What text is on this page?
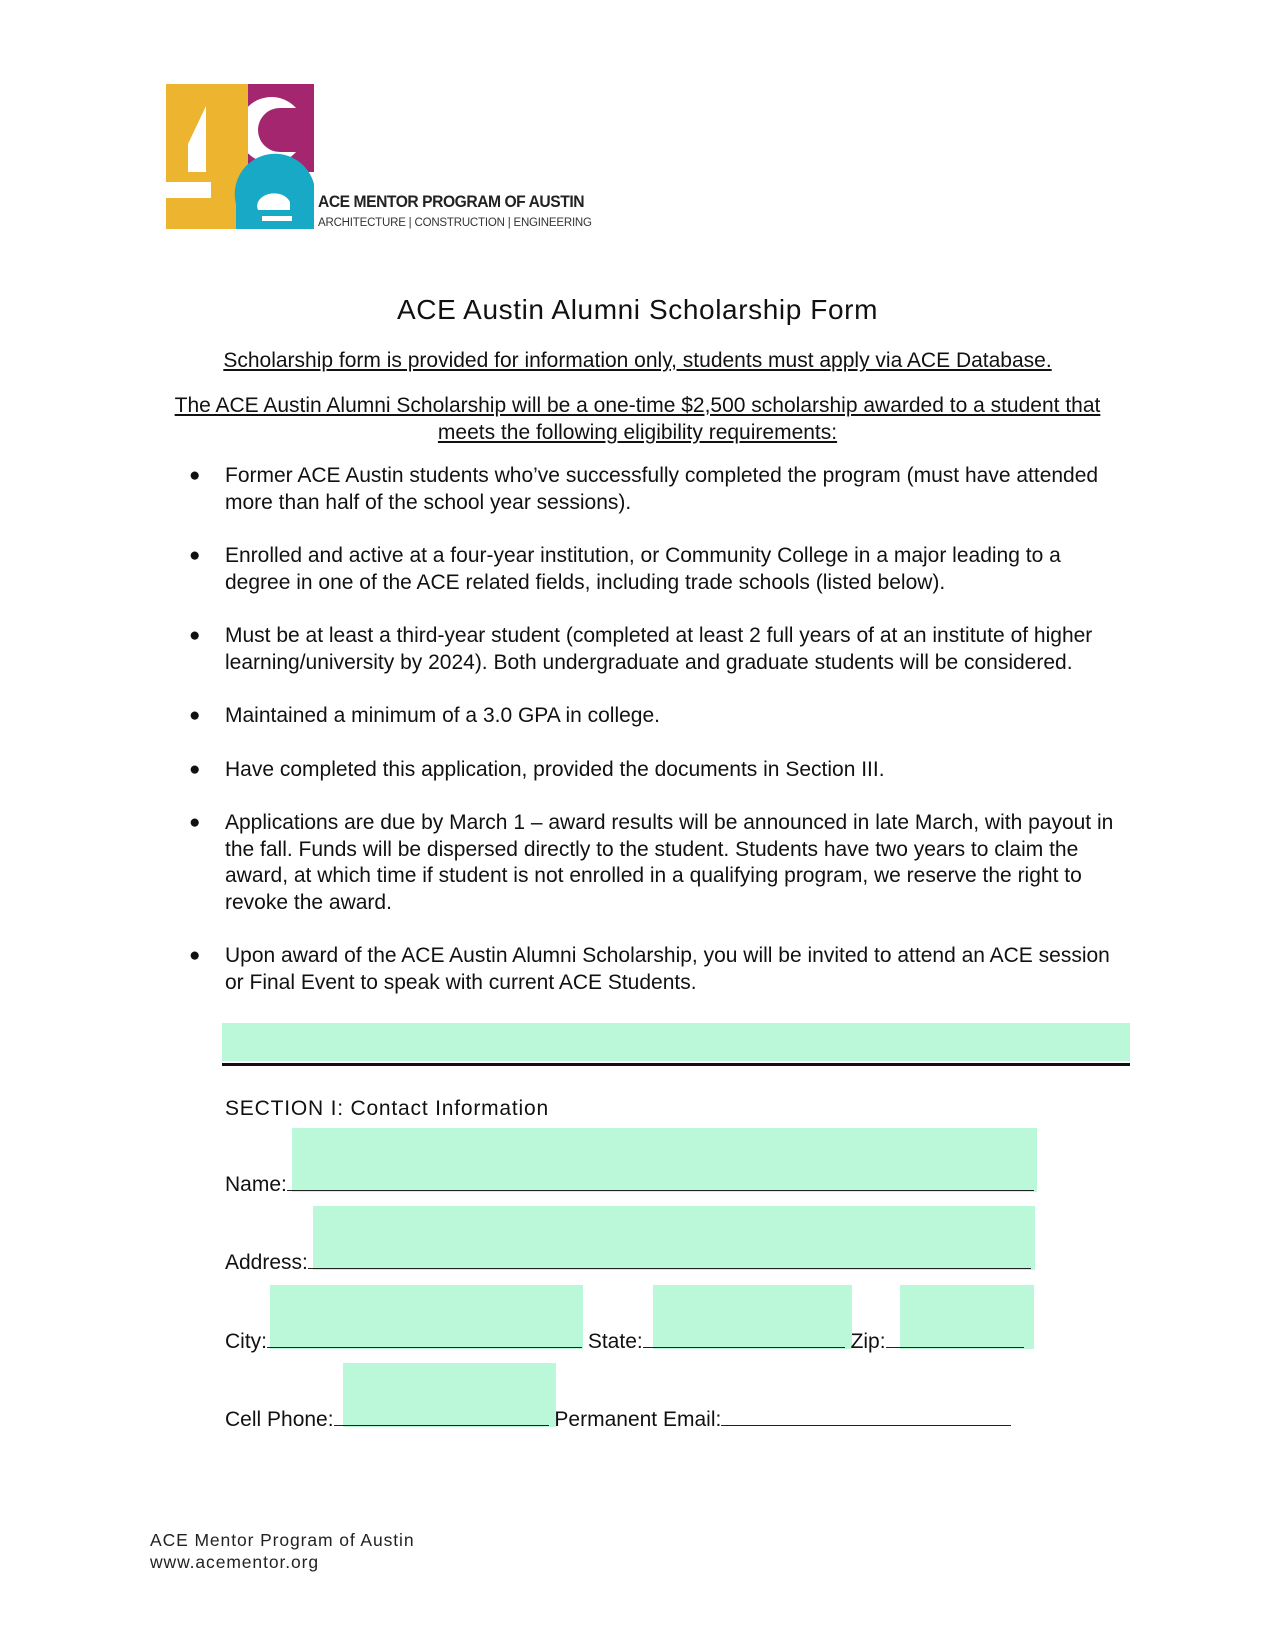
ACE MENTOR PROGRAM OF AUSTIN
ARCHITECTURE | CONSTRUCTION | ENGINEERING
ACE Austin Alumni Scholarship Form
Scholarship form is provided for information only, students must apply via ACE Database.
The ACE Austin Alumni Scholarship will be a one-time $2,500 scholarship awarded to a student that meets the following eligibility requirements:
● Former ACE Austin students who’ve successfully completed the program (must have attended more than half of the school year sessions).
● Enrolled and active at a four-year institution, or Community College in a major leading to a degree in one of the ACE related fields, including trade schools (listed below).
● Must be at least a third-year student (completed at least 2 full years of at an institute of higher learning/university by 2024). Both undergraduate and graduate students will be considered.
● Maintained a minimum of a 3.0 GPA in college.
● Have completed this application, provided the documents in Section III.
● Applications are due by March 1 – award results will be announced in late March, with payout in the fall. Funds will be dispersed directly to the student. Students have two years to claim the award, at which time if student is not enrolled in a qualifying program, we reserve the right to revoke the award.
● Upon award of the ACE Austin Alumni Scholarship, you will be invited to attend an ACE session or Final Event to speak with current ACE Students.
SECTION I: Contact Information
Name:
Address:
City:	State:	Zip:
Cell Phone:	Permanent Email:
ACE Mentor Program of Austin
www.acementor.org
